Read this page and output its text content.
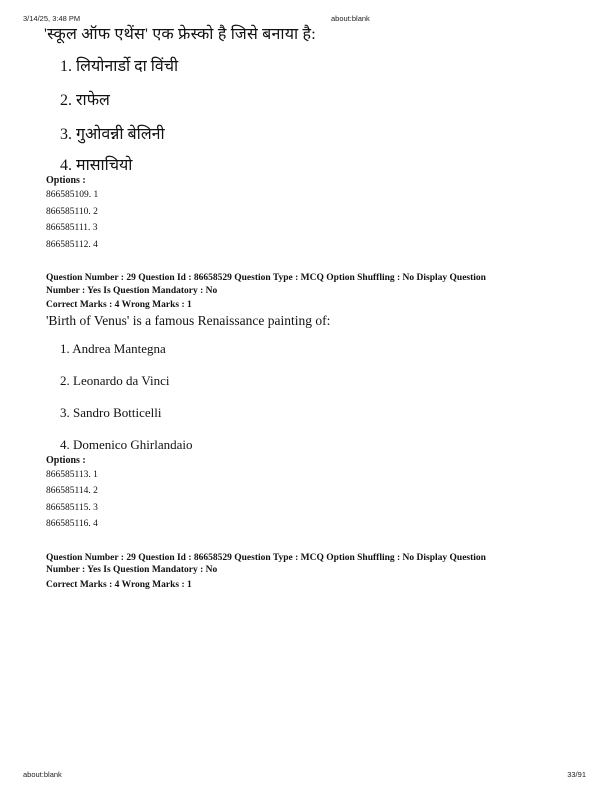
3/14/25, 3:48 PM	about:blank
'स्कूल ऑफ एथेंस' एक फ्रेस्को है जिसे बनाया है:
1. लियोनार्डो दा विंची
2. राफेल
3. गुओवन्नी बेलिनी
4. मासाचियो
Options :
866585109. 1
866585110. 2
866585111. 3
866585112. 4
Question Number : 29 Question Id : 86658529 Question Type : MCQ Option Shuffling : No Display Question
Number : Yes Is Question Mandatory : No
Correct Marks : 4 Wrong Marks : 1
'Birth of Venus' is a famous Renaissance painting of:
1. Andrea Mantegna
2. Leonardo da Vinci
3. Sandro Botticelli
4. Domenico Ghirlandaio
Options :
866585113. 1
866585114. 2
866585115. 3
866585116. 4
Question Number : 29 Question Id : 86658529 Question Type : MCQ Option Shuffling : No Display Question
Number : Yes Is Question Mandatory : No
Correct Marks : 4 Wrong Marks : 1
about:blank	33/91
